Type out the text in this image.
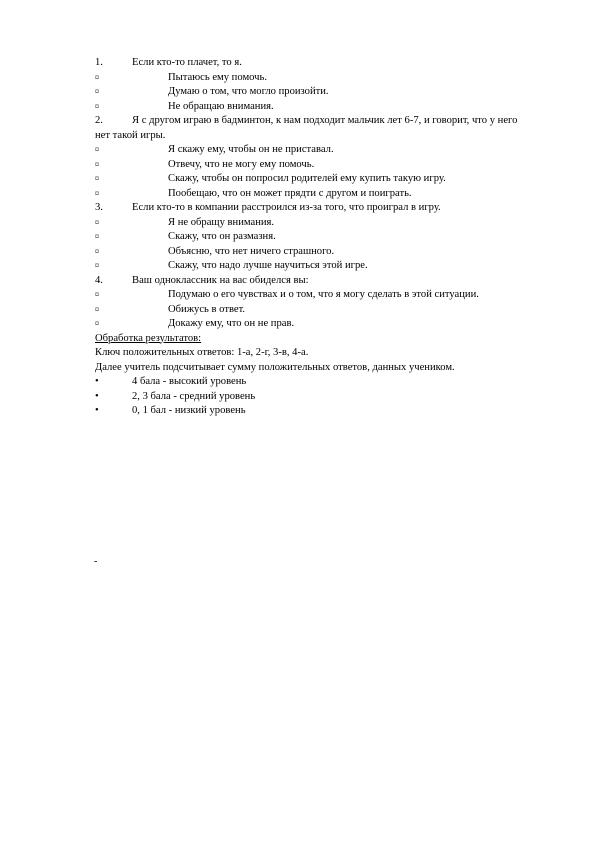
1.	Если кто-то плачет, то я.
¤	Пытаюсь ему помочь.
¤	Думаю о том, что могло произойти.
¤	Не обращаю внимания.
2.	Я с другом играю в бадминтон, к нам подходит мальчик лет 6-7, и говорит, что у него нет такой игры.
¤	Я скажу ему, чтобы он не приставал.
¤	Отвечу, что не могу ему помочь.
¤	Скажу, чтобы он попросил родителей ему купить такую игру.
¤	Пообещаю, что он может прядти с другом и поиграть.
3.	Если кто-то в компании расстроился из-за того, что проиграл в игру.
¤	Я не обращу внимания.
¤	Скажу, что он размазня.
¤	Объясню, что нет ничего страшного.
¤	Скажу, что надо лучше научиться этой игре.
4.	Ваш одноклассник на вас обиделся вы:
¤	Подумаю о его чувствах и о том, что я могу сделать в этой ситуации.
¤	Обижусь в ответ.
¤	Докажу ему, что он не прав.
Обработка результатов:
Ключ положительных ответов: 1-а, 2-г, 3-в, 4-а.
Далее учитель подсчитывает сумму положительных ответов, данных учеником.
•	4 бала - высокий уровень
•	2, 3 бала - средний уровень
•	0, 1 бал - низкий уровень
-
